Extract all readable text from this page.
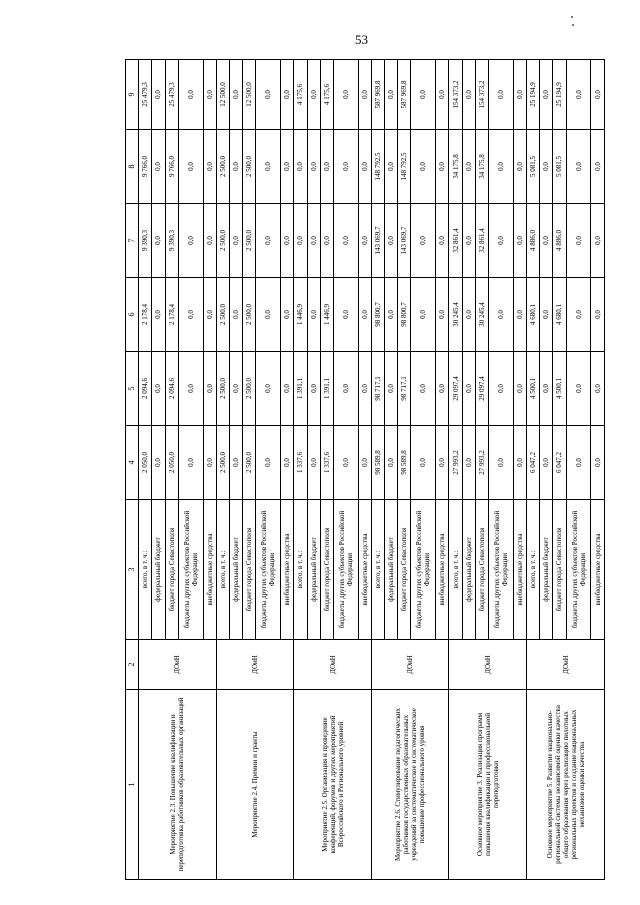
53
1	2	3	4	5	6	7	8	9
Мероприятие 2.3. Повышение квалификации и переподготовка работников образовательных организаций	ДОиН	всего, в т. ч.:	2 050,0	2 094,6	2 178,4	9 390,3	9 766,0	25 479,3
		федеральный бюджет	0,0	0,0	0,0	0,0	0,0	0,0
		бюджет города Севастополя	2 050,0	2 094,6	2 178,4	9 390,3	9 766,0	25 479,3
		бюджеты других субъектов Российской Федерации	0,0	0,0	0,0	0,0	0,0	0,0
		внебюджетные средства	0,0	0,0	0,0	0,0	0,0	0,0
Мероприятие 2.4. Премии и гранты	ДОиН	всего, в т. ч.:	2 500,0	2 500,0	2 500,0	2 500,0	2 500,0	12 500,0
		федеральный бюджет	0,0	0,0	0,0	0,0	0,0	0,0
		бюджет города Севастополя	2 500,0	2 500,0	2 500,0	2 500,0	2 500,0	12 500,0
		бюджеты других субъектов Российской Федерации	0,0	0,0	0,0	0,0	0,0	0,0
		внебюджетные средства	0,0	0,0	0,0	0,0	0,0	0,0
Мероприятие 2.5. Организация и проведение конференций, форумов и других мероприятий Всероссийского и Регионального уровней	ДОиН	всего, в т. ч.:	1 337,6	1 391,1	1 446,9	0,0	0,0	4 175,6
		федеральный бюджет	0,0	0,0	0,0	0,0	0,0	0,0
		бюджет города Севастополя	1 337,6	1 391,1	1 446,9	0,0	0,0	4 175,6
		бюджеты других субъектов Российской Федерации	0,0	0,0	0,0	0,0	0,0	0,0
		внебюджетные средства	0,0	0,0	0,0	0,0	0,0	0,0
Мероприятие 2.6. Стимулирование педагогических работников государственных образовательных учреждений за систематическое и систематическое повышение профессионального уровня	ДОиН	всего, в т. ч.:	98 589,8	98 717,1	98 800,7	143 069,7	148 792,5	587 969,8
		федеральный бюджет	0,0	0,0	0,0	0,0	0,0	0,0
		бюджет города Севастополя	98 589,8	98 717,1	98 800,7	143 069,7	148 792,5	587 969,8
		бюджеты других субъектов Российской Федерации	0,0	0,0	0,0	0,0	0,0	0,0
		внебюджетные средства	0,0	0,0	0,0	0,0	0,0	0,0
Основное мероприятие 3. Реализация программ повышения квалификации и профессиональной переподготовки	ДОиН	всего, в т. ч.:	27 993,2	29 097,4	30 245,4	32 861,4	34 175,8	154 373,2
		федеральный бюджет	0,0	0,0	0,0	0,0	0,0	0,0
		бюджет города Севастополя	27 993,2	29 097,4	30 245,4	32 861,4	34 175,8	154 373,2
		бюджеты других субъектов Российской Федерации	0,0	0,0	0,0	0,0	0,0	0,0
		внебюджетные средства	0,0	0,0	0,0	0,0	0,0	0,0
Основное мероприятие 5. Развитие национально-региональной системы независимой оценки качества общего образования через реализацию пилотных региональных проектов и создание национальных механизмов оценки качества	ДОиН	всего, в т. ч.:	6 047,2	4 500,1	4 680,1	4 886,0	5 081,5	25 194,9
		федеральный бюджет	0,0	0,0	0,0	0,0	0,0	0,0
		бюджет города Севастополя	6 047,2	4 500,1	4 680,1	4 886,0	5 081,5	25 194,9
		бюджеты других субъектов Российской Федерации	0,0	0,0	0,0	0,0	0,0	0,0
		внебюджетные средства	0,0	0,0	0,0	0,0	0,0	0,0
